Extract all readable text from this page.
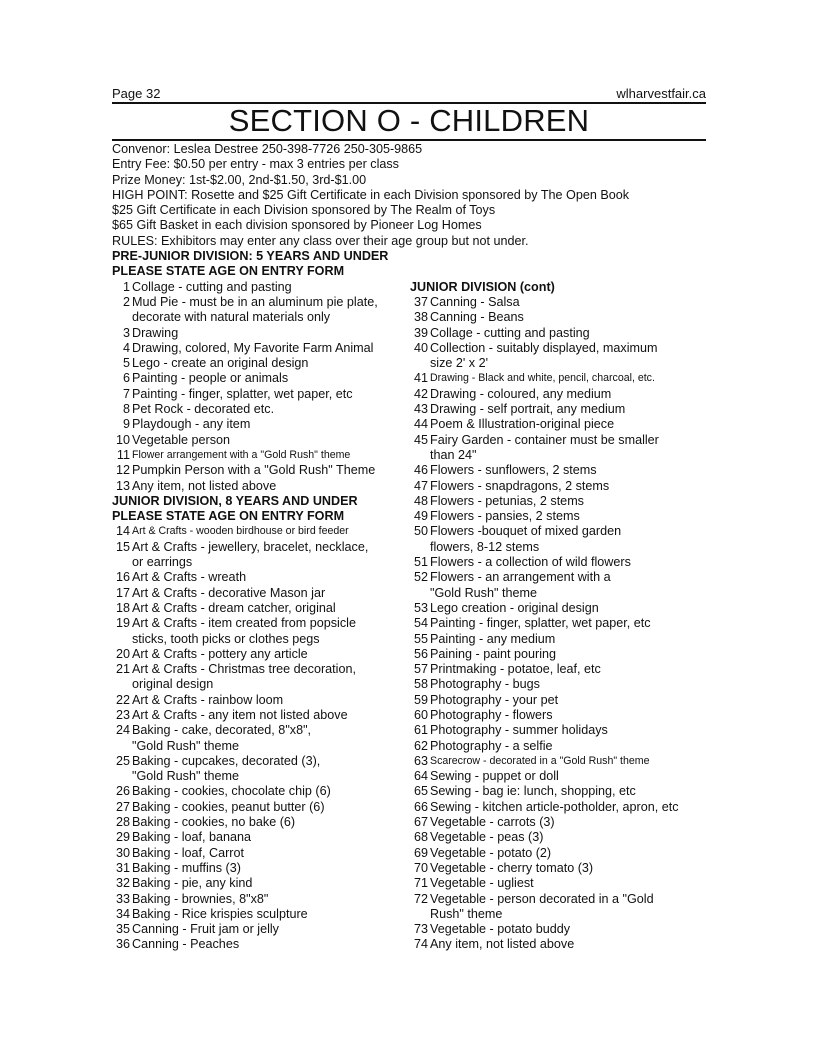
Page 32	wlharvestfair.ca
SECTION O - CHILDREN
Convenor: Leslea Destree 250-398-7726 250-305-9865
Entry Fee: $0.50 per entry - max 3 entries per class
Prize Money: 1st-$2.00, 2nd-$1.50, 3rd-$1.00
HIGH POINT: Rosette and $25 Gift Certificate in each Division sponsored by The Open Book
$25 Gift Certificate in each Division sponsored by The Realm of Toys
$65 Gift Basket in each division sponsored by Pioneer Log Homes
RULES: Exhibitors may enter any class over their age group but not under.
PRE-JUNIOR DIVISION: 5 YEARS AND UNDER
PLEASE STATE AGE ON ENTRY FORM
1 Collage - cutting and pasting
2 Mud Pie - must be in an aluminum pie plate,
decorate with natural materials only
3 Drawing
4 Drawing, colored, My Favorite Farm Animal
5 Lego - create an original design
6 Painting - people or animals
7 Painting - finger, splatter, wet paper, etc
8 Pet Rock - decorated etc.
9 Playdough - any item
10 Vegetable person
11 Flower arrangement with a "Gold Rush" theme
12 Pumpkin Person with a "Gold Rush" Theme
13 Any item, not listed above
JUNIOR DIVISION, 8 YEARS AND UNDER
PLEASE STATE AGE ON ENTRY FORM
14 Art & Crafts - wooden birdhouse or bird feeder
15 Art & Crafts - jewellery, bracelet, necklace,
or earrings
16 Art & Crafts - wreath
17 Art & Crafts - decorative Mason jar
18 Art & Crafts - dream catcher, original
19 Art & Crafts - item created from popsicle
sticks, tooth picks or clothes pegs
20 Art & Crafts - pottery any article
21 Art & Crafts - Christmas tree decoration,
original design
22 Art & Crafts - rainbow loom
23 Art & Crafts - any item not listed above
24 Baking - cake, decorated, 8"x8",
"Gold Rush" theme
25 Baking - cupcakes, decorated (3),
"Gold Rush" theme
26 Baking - cookies, chocolate chip (6)
27 Baking - cookies, peanut butter (6)
28 Baking - cookies, no bake (6)
29 Baking - loaf, banana
30 Baking - loaf, Carrot
31 Baking - muffins (3)
32 Baking - pie, any kind
33 Baking - brownies, 8"x8"
34 Baking - Rice krispies sculpture
35 Canning - Fruit jam or jelly
36 Canning - Peaches
JUNIOR DIVISION (cont)
37 Canning - Salsa
38 Canning - Beans
39 Collage - cutting and pasting
40 Collection - suitably displayed, maximum
size 2' x 2'
41 Drawing - Black and white, pencil, charcoal, etc.
42 Drawing - coloured, any medium
43 Drawing - self portrait, any medium
44 Poem & Illustration-original piece
45 Fairy Garden - container must be smaller
than 24"
46 Flowers - sunflowers, 2 stems
47 Flowers - snapdragons, 2 stems
48 Flowers - petunias, 2 stems
49 Flowers - pansies, 2 stems
50 Flowers -bouquet of mixed garden
flowers, 8-12 stems
51 Flowers - a collection of wild flowers
52 Flowers - an arrangement with a
"Gold Rush" theme
53 Lego creation - original design
54 Painting - finger, splatter, wet paper, etc
55 Painting - any medium
56 Paining - paint pouring
57 Printmaking - potatoe, leaf, etc
58 Photography - bugs
59 Photography - your pet
60 Photography - flowers
61 Photography - summer holidays
62 Photography - a selfie
63 Scarecrow - decorated in a "Gold Rush" theme
64 Sewing - puppet or doll
65 Sewing - bag ie: lunch, shopping, etc
66 Sewing - kitchen article-potholder, apron, etc
67 Vegetable - carrots (3)
68 Vegetable - peas (3)
69 Vegetable - potato (2)
70 Vegetable - cherry tomato (3)
71 Vegetable - ugliest
72 Vegetable - person decorated in a "Gold
Rush" theme
73 Vegetable - potato buddy
74 Any item, not listed above
